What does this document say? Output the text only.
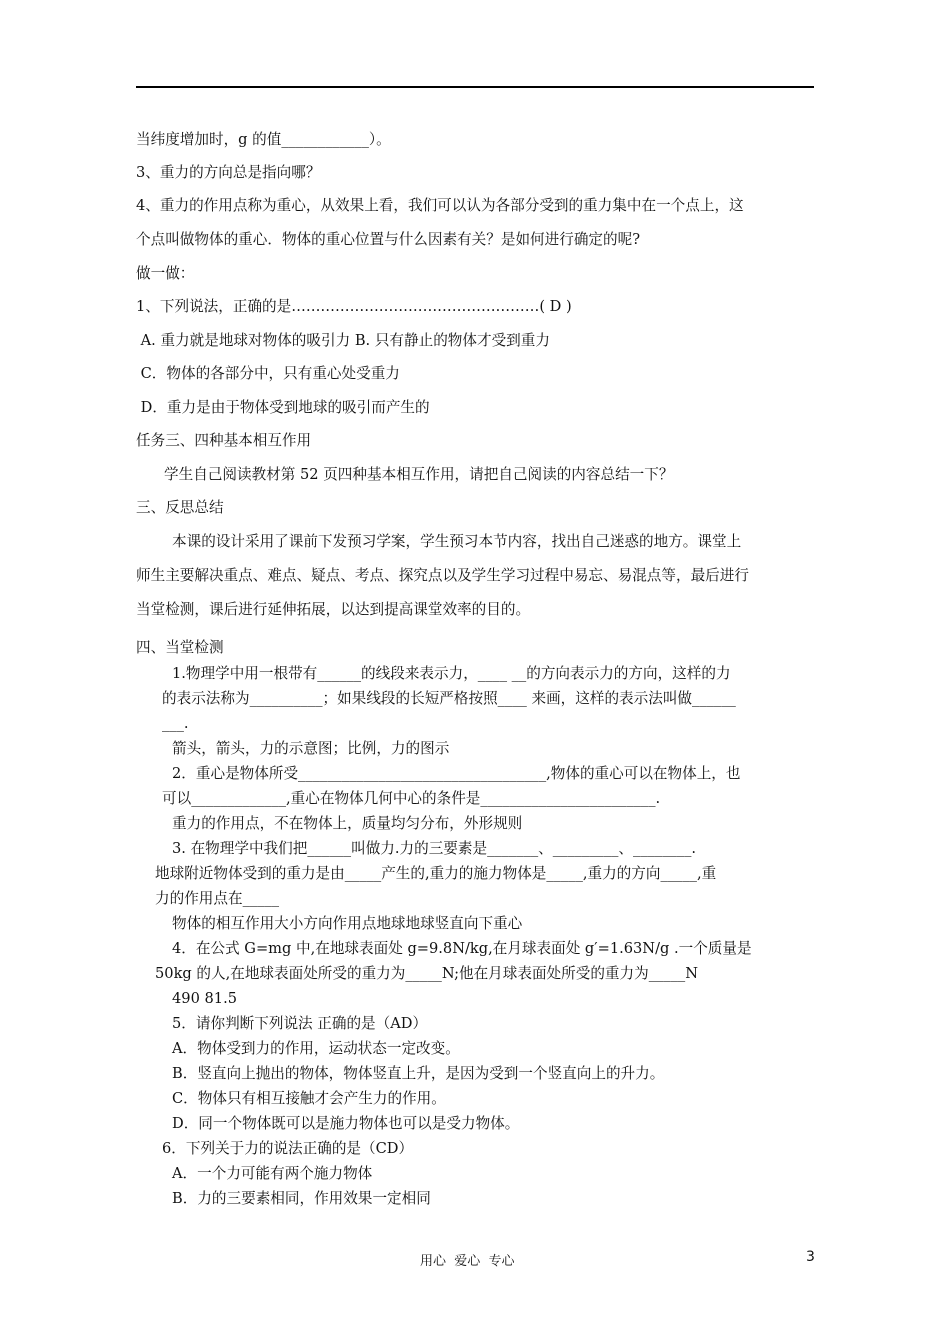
当纬度增加时，g 的值____________）。
3、重力的方向总是指向哪？
4、重力的作用点称为重心，从效果上看，我们可以认为各部分受到的重力集中在一个点上，这
个点叫做物体的重心．物体的重心位置与什么因素有关？是如何进行确定的呢?
做一做：
1、下列说法，正确的是……………………………………………( D )
A. 重力就是地球对物体的吸引力 B. 只有静止的物体才受到重力
C．物体的各部分中，只有重心处受重力
D．重力是由于物体受到地球的吸引而产生的
任务三、四种基本相互作用
学生自己阅读教材第 52 页四种基本相互作用，请把自己阅读的内容总结一下？
三、反思总结
本课的设计采用了课前下发预习学案，学生预习本节内容，找出自己迷惑的地方。课堂上
师生主要解决重点、难点、疑点、考点、探究点以及学生学习过程中易忘、易混点等，最后进行
当堂检测，课后进行延伸拓展，以达到提高课堂效率的目的。
四、当堂检测
1.物理学中用一根带有______的线段来表示力，____ __的方向表示力的方向，这样的力
的表示法称为__________；如果线段的长短严格按照____ 来画，这样的表示法叫做______
___.
箭头，箭头，力的示意图；比例，力的图示
2．重心是物体所受__________________________________,物体的重心可以在物体上，也
可以_____________,重心在物体几何中心的条件是________________________.
重力的作用点，不在物体上，质量均匀分布，外形规则
3. 在物理学中我们把______叫做力.力的三要素是_______、_________、________.
地球附近物体受到的重力是由_____产生的,重力的施力物体是_____,重力的方向_____,重
力的作用点在_____
物体的相互作用大小方向作用点地球地球竖直向下重心
4．在公式 G=mg 中,在地球表面处 g=9.8N/kg,在月球表面处 g′=1.63N/g .一个质量是
50kg 的人,在地球表面处所受的重力为_____N;他在月球表面处所受的重力为_____N
490 81.5
5．请你判断下列说法 正确的是（AD）
A．物体受到力的作用，运动状态一定改变。
B．竖直向上抛出的物体，物体竖直上升，是因为受到一个竖直向上的升力。
C．物体只有相互接触才会产生力的作用。
D．同一个物体既可以是施力物体也可以是受力物体。
6．下列关于力的说法正确的是（CD）
A．一个力可能有两个施力物体
B．力的三要素相同，作用效果一定相同
用心  爱心  专心	3
